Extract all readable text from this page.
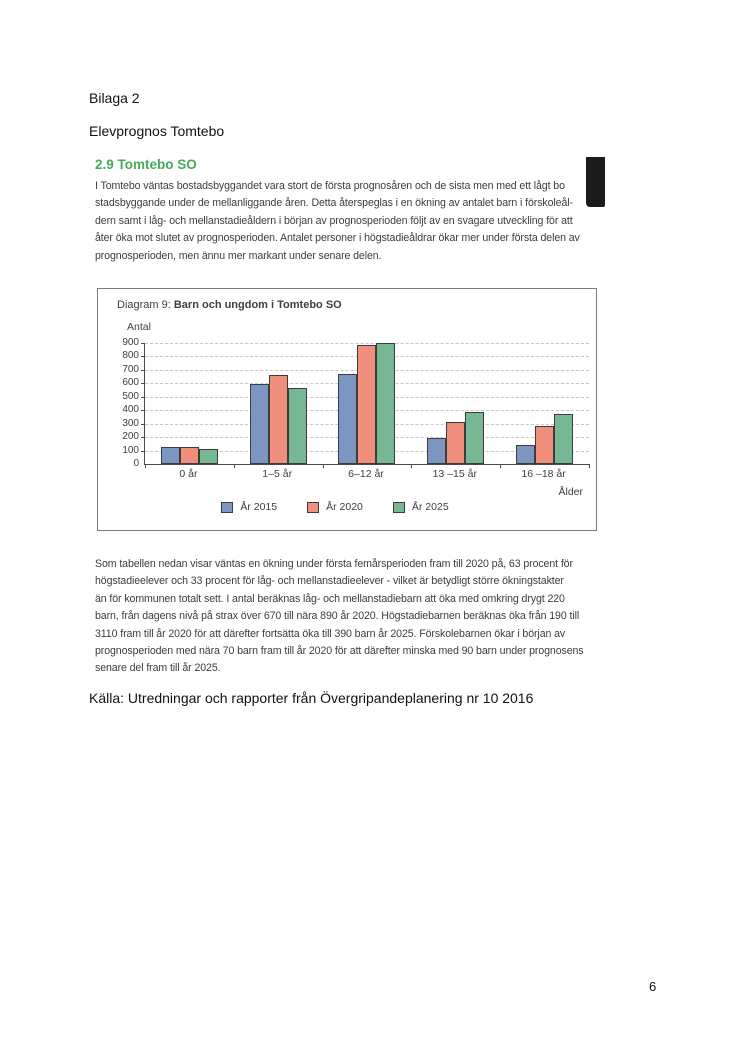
Bilaga 2
Elevprognos Tomtebo
2.9 Tomtebo SO
I Tomtebo väntas bostadsbyggandet vara stort de första prognosåren och de sista men med ett lågt bo
stadsbyggande under de mellanliggande åren. Detta återspeglas i en ökning av antalet barn i förskoleål-
dern samt i låg- och mellanstadieåldern i början av prognosperioden följt av en svagare utveckling för att
åter öka mot slutet av prognosperioden. Antalet personer i högstadieåldrar ökar mer under första delen av
prognosperioden, men ännu mer markant under senare delen.
Diagram 9: Barn och ungdom i Tomtebo SO
Antal
0
100
200
300
400
500
600
700
800
900
0 år	1–5 år	6–12 år	13 –15 år	16 –18 år
Ålder
År 2015	År 2020	År 2025
Som tabellen nedan visar väntas en ökning under första femårsperioden fram till 2020 på, 63 procent för
högstadieelever och 33 procent för låg- och mellanstadieelever - vilket är betydligt större ökningstakter
än för kommunen totalt sett. I antal beräknas låg- och mellanstadiebarn att öka med omkring drygt 220
barn, från dagens nivå på strax över 670 till nära 890 år 2020. Högstadiebarnen beräknas öka från 190 till
3110 fram till år 2020 för att därefter fortsätta öka till 390 barn år 2025. Förskolebarnen ökar i början av
prognosperioden med nära 70 barn fram till år 2020 för att därefter minska med 90 barn under prognosens
senare del fram till år 2025.
Källa: Utredningar och rapporter från Övergripandeplanering nr 10 2016
6
